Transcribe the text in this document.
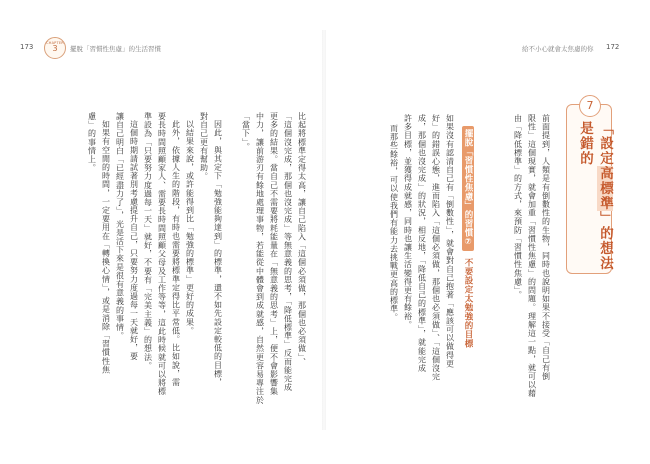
173	CHAPTER
3	擺脫「習慣性焦慮」的生活習慣
比起將標準定得太高，讓自己陷入「這個必須做，那個也必須做」、
「這個沒完成，那個也沒完成」等無意義的思考，「降低標準」反而能完成
更多的結果。當自己不需要將耗能量在「無意義的思考」上，便不會影響集
中力，讓前游刃有餘地處理事物，若能從中體會到成就感，自然更容易專注於
「當下」。
因此，與其定下「勉強能夠達到」的標準，還不如先設定較低的目標，
對自己更有幫助。
以結果來說，或許能得到比「勉強的標準」更好的成果。
此外，依據人生的階段，有時也需要將標準定得比平常低。比如說，需
要長時間照顧家人、需要長時間照顧父母及工作等等，這此時候就可以將標
準設為「只要努力度過每一天」就好，不要有「完美主義」的想法。
這個時期請試著別考慮提升自己，只要努力度過每一天就好，要
讓自己明白「已經盡力了」，光是活下來是很有意義的事情。
如果有空閒的時間，一定要用在「轉換心情」，或是消除「習慣性焦
慮」的事情上。
給不小心就會太焦慮的你 172
7
「設定高標準」的想法是錯的
前面提到，人類是有倒數性的生物，同時也說明如果不接受「自己有倒
限性」這個現實，就會加重「習慣性焦慮」的問題。理解這一點，就可以藉
由「降低標準」的方式，來預防「習慣性焦慮」。
擺脫「習慣性焦慮」的習慣⑦ 不要設定太勉強的目標
如果沒有認清自己有「倒數性」，就會對自己抱著「應該可以做得更
好」的錯誤心態，進而陷入「這個必須做，那個也必須做」、「這個沒完
成，那個也沒完成」的狀況，相反地，「降低自己的標準」，就能完成
許多目標，並獲得成就感，同時也讓生活變得更有餘裕。
而那些餘裕，可以使我們有能力去挑戰更高的標準。
